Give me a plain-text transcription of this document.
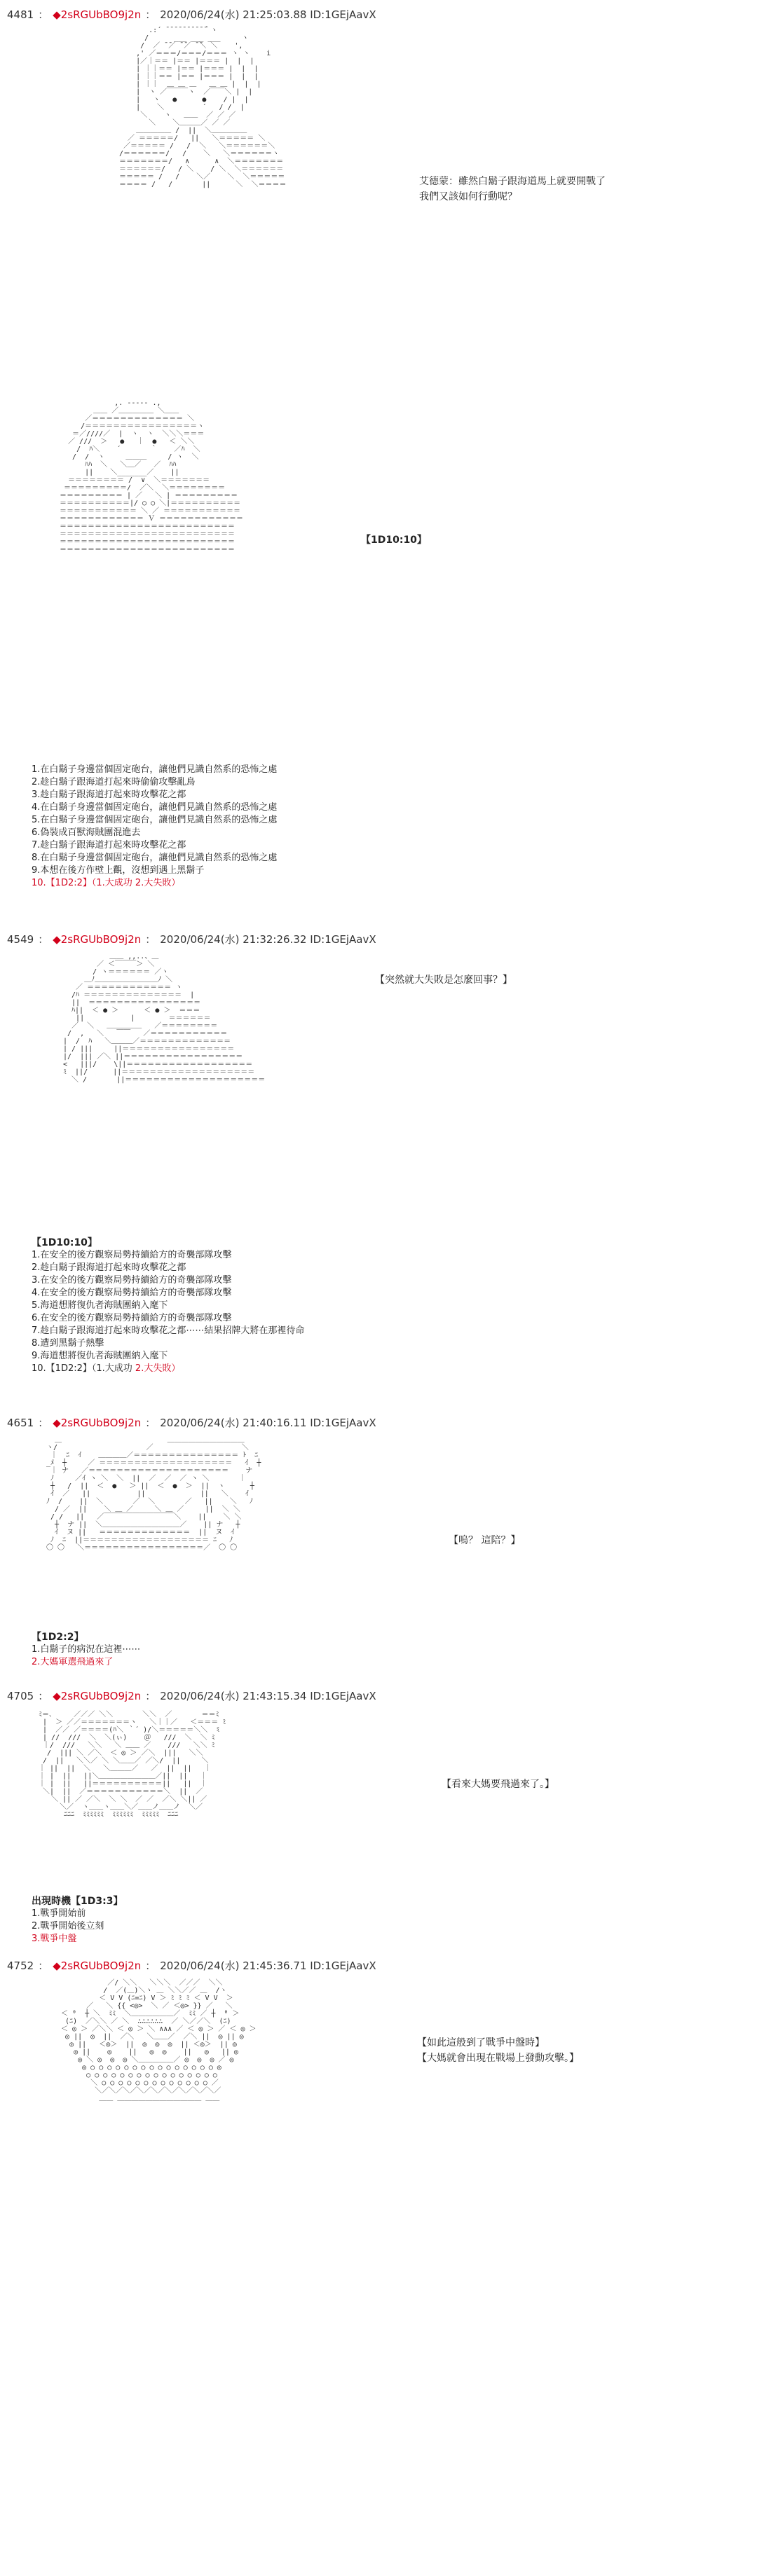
4481 ： ◆2sRGUbBO9j2n ： 2020/06/24(水) 21:25:03.88 ID:1GEjAavX
.:´ ̄ ̄ ̄ ̄ ̄ ̄ ̄ ̄ ̄ ̄｀ヽ
/      ___ ___ ___     ヽ
/  ／ ̄ ̄／ ̄ ̄／ ̄ ̄＼ ＼    ',
,' ／＝＝＝/＝＝＝/＝＝＝ ヽ ヽ    i
|／｜＝＝ |＝＝ |＝＝＝ |  |  |
| ｜｜＝＝ |＝＝ |＝＝＝ |  |  |
| ｜｜＝＝ |＝＝ |＝＝＝ |  |  |
| ｜｜  ＿ ＿ ＿   ＿ ＿ |  |  |
|  ヽ ／￣￣￣ヽ  ／￣￣＼ |  |
|   ヽ   ●      ●    / |  |
|    ＼         ´   / /  |
＼    ヽ   ＿＿  ／ ／ ／
＼    ＼＿＿＿／ ／ ／
＿＿＿＿＿ /  ||  ＼＿＿＿＿＿
／ ＝＝＝＝＝/   ||   ＼＝＝＝＝＝ ＼
／＝＝＝＝＝ /   /  ＼   ＼＝＝＝＝＝＝＼
/＝＝＝＝＝＝/   /    ＼   ＼＝＝＝＝＝＝ヽ
＝＝＝＝＝＝＝/   ∧      ∧  ＼＝＝＝＝＝＝＝
＝＝＝＝＝＝/   / ＼    / ＼  ＼＝＝＝＝＝＝
＝＝＝＝＝ /   /    ＼／    ＼  ＼＝＝＝＝＝
＝＝＝＝ /   /       ||      ＼  ＼＝＝＝＝	艾德蒙：雖然白鬍子跟海道馬上就要開戰了
我們又該如何行動呢？
,. ----- .,
＿＿ ／＿＿＿＿＿ ＼＿＿
／＝＝＝＝＝＝＝＝＝＝＝＝＝ ＼
/＝＝＝＝＝＝＝＝＝＝＝＝＝＝＝＝ヽ
＝／////／  |  ヽ  ヽ  ＼＼＼＝＝＝
／ ///  ＞   ●   ｜  ●   ＜ ＼＼
/  ﾊ＼    ´       ｀    ／ﾊ  ＼
/  /  ヽ     ＿＿＿     / ヽ  ＼
ﾊﾊ  ＼   ＼＿／   ／  ﾊﾊ
||    ＼_______／    ||
＝＝＝＝＝＝＝＝ /  ∨  ＼＝＝＝＝＝＝＝
＝＝＝＝＝＝＝＝＝/  ／＼  ＼＝＝＝＝＝＝＝＝
＝＝＝＝＝＝＝＝＝ | ／   ＼ | ＝＝＝＝＝＝＝＝＝
＝＝＝＝＝＝＝＝＝＝|/ ○ ○ ＼|＝＝＝＝＝＝＝＝＝＝
＝＝＝＝＝＝＝＝＝＝＝ ＼ ／ ＝＝＝＝＝＝＝＝＝＝＝
＝＝＝＝＝＝＝＝＝＝＝＝ Ｖ ＝＝＝＝＝＝＝＝＝＝＝＝
＝＝＝＝＝＝＝＝＝＝＝＝＝＝＝＝＝＝＝＝＝＝＝＝＝
＝＝＝＝＝＝＝＝＝＝＝＝＝＝＝＝＝＝＝＝＝＝＝＝＝
＝＝＝＝＝＝＝＝＝＝＝＝＝＝＝＝＝＝＝＝＝＝＝＝＝
＝＝＝＝＝＝＝＝＝＝＝＝＝＝＝＝＝＝＝＝＝＝＝＝＝
【1D10:10】
1.在白鬍子身邊當個固定砲台，讓他們見識自然系的恐怖之處
2.趁白鬍子跟海道打起來時偷偷攻擊亂鳥
3.趁白鬍子跟海道打起來時攻擊花之都
4.在白鬍子身邊當個固定砲台，讓他們見識自然系的恐怖之處
5.在白鬍子身邊當個固定砲台，讓他們見識自然系的恐怖之處
6.偽裝成百獸海賊團混進去
7.趁白鬍子跟海道打起來時攻擊花之都
8.在白鬍子身邊當個固定砲台，讓他們見識自然系的恐怖之處
9.本想在後方作壁上觀，沒想到遇上黑鬍子
10.【1D2:2】（1.大成功 2.大失敗）
4549 ： ◆2sRGUbBO9j2n ： 2020/06/24(水) 21:32:26.32 ID:1GEjAavX
＿＿ ,,..、＿
／ ＜￣￣￣＞ ＼
/ ヽ＝＝＝＝＝＝ ／ヽ
＿ﾉ＿＿＿＿＿＿＿＿＿ﾉ ＼
／ ＝＝＝＝＝＝＝＝＝＝＝＝ ヽ
/ﾊ ＝＝＝＝＝＝＝＝＝＝＝＝＝＝  |
||  ＝＝＝＝＝＝＝＝＝＝＝＝＝＝＝＝
ﾊ||  ＜ ● ＞      ＜ ● ＞  ＝＝＝
||           |        ＝＝＝＝＝＝
／  ＼   ＿＿＿＿＿   ／＝＝＝＝＝＝＝＝
/  ,   ＼   ￣￣   ／＝＝＝＝＝＝＝＝＝＝＝
|  /  ﾊ   ＼＿＿＿／＝＝＝＝＝＝＝＝＝＝＝＝＝
| / |||     ||＝＝＝＝＝＝＝＝＝＝＝＝＝＝＝＝
|/  ||| ／＼ ||＝＝＝＝＝＝＝＝＝＝＝＝＝＝＝＝＝
<   |||/    \||＝＝＝＝＝＝＝＝＝＝＝＝＝＝＝＝＝＝
ﾐ  ||/      ||＝＝＝＝＝＝＝＝＝＝＝＝＝＝＝＝＝＝＝
＼ /       ||＝＝＝＝＝＝＝＝＝＝＝＝＝＝＝＝＝＝＝＝
【突然就大失敗是怎麼回事？】
【1D10:10】
1.在安全的後方觀察局勢持續給方的奇襲部隊攻擊
2.趁白鬍子跟海道打起來時攻擊花之都
3.在安全的後方觀察局勢持續給方的奇襲部隊攻擊
4.在安全的後方觀察局勢持續給方的奇襲部隊攻擊
5.海道想將復仇者海賊團納入麾下
6.在安全的後方觀察局勢持續給方的奇襲部隊攻擊
7.趁白鬍子跟海道打起來時攻擊花之都⋯⋯結果招牌大將在那裡待命
8.遭到黑鬍子熱擊
9.海道想將復仇者海賊團納入麾下
10.【1D2:2】（1.大成功 2.大失敗）
4651 ： ◆2sRGUbBO9j2n ： 2020/06/24(水) 21:40:16.11 ID:1GEjAavX
＿                         ＿＿＿＿＿＿＿＿＿＿＿
ヽ/                     ／                     ＼
｜  ﾆ  ｲ    ＿＿＿＿／＝＝＝＝＝＝＝＝＝＝＝＝＝＝＝ ﾄ  ﾆ
_ﾒ  ┼     ／ ＝＝＝＝＝＝＝＝＝＝＝＝＝＝＝＝＝＝＝   ｲ  ┼
｜ ナ   ／＝＝＝＝＝＝＝＝＝＝＝＝＝＝＝＝＝＝＝＝    ナ
ﾉ     ／ｲ ヽ ＼  ＼  ||  ／  ／  ／ ヽ ＼       ｜
┼   /  ||  ＜  ●   ＞ ||  ＜  ●  ＞  ||  ヽ      ┼
ｲ  ／   ||           ||             ||   ＼    ｲ
ﾉ  /    ||  ＼       ／  ＼       ／   ||    ＼   ﾉ
/ ／  ||    ＼ ＿ ／     ＼ ＿ ／     ||  ＼ ＼
/ /   ||   ／￣￣￣￣￣￣￣￣￣￣＼    ||    ＼ ＼
┼  ナ ||  ＼＿＿＿＿＿＿＿＿＿＿＿／    || ナ   ┼
ｲ  ヌ ||   ＝＝＝＝＝＝＝＝＝＝＝＝＝  ||  ヌ  ｲ
ﾉ  ﾆ  ||＝＝＝＝＝＝＝＝＝＝＝＝＝＝＝＝＝＝ ﾆ   ﾉ
〇 〇   ＼＝＝＝＝＝＝＝＝＝＝＝＝＝＝＝＝＝／  〇 〇
【嗚？ 這陪？】
【1D2:2】
1.白鬍子的病況在這裡⋯⋯
2.大媽軍選飛過來了
4705 ： ◆2sRGUbBO9j2n ： 2020/06/24(水) 21:43:15.34 ID:1GEjAavX
ﾐ＝､     ／／／ ＼＼       ＼＼  ／       ＝＝ﾐ
|  ＞ ／／＝＝＝＝＝＝＝ヽ   ＼｜｜／   ＜＝＝＝ ﾐ
|  ／／ ／＝＝＝＝(ﾊ＼ ｀´ )/＼＝＝＝＝＝＼＼  ﾐ
| //  ///  ＼  ＼(ぃ)    ＠   ///  ＼  ＼ ﾐ
｜/  ///   ＼＼   ＼ ＿＿ ／    ///   ＼＼ ﾐ
/  ||| ＼ ／＼  ＜ ◎ ＞ ／＼  |||   ＼＼
/  ||   ＼＼／ ＼ ＼＿＿／ ／＼/  ||     ＼
｜ ||  ||  ＼   ＼＿＿＿／   ／  ||  ||   ｜
｜ |  ||   ||＼＿＿＿＿＿＿＿＿／||  ||   ｜
｜ |  ||   ||＝＝＝＝＝＝＝＝＝＝||   ||  ｜
＼|  ||  ／＝＝＝＝＝＝＝＝＝＝＝＼  ||  ／
＼ || ／ ／＼  ＼ ＼  ／ ／  ／＼ ＼|| ／
＼／  ヽ＿＿ヽ＿＿＼／＿＿ノ＿＿ノ  ＼／
ﾆﾆﾆ  ﾐﾐﾐﾐﾐﾐ  ﾐﾐﾐﾐﾐﾐ  ﾐﾐﾐﾐﾐ  ﾆﾆﾆ
【看來大媽要飛過來了。】
出現時機【1D3:3】
1.戰爭開始前
2.戰爭開始後立刻
3.戰爭中盤
4752 ： ◆2sRGUbBO9j2n ： 2020/06/24(水) 21:45:36.71 ID:1GEjAavX
／/ ＼＼   ＼＼＼  ／／／  ＼＼
/  ／(＿)＼ヽ ＿ ＼＼／／ ＿  /ヽ
＜ V V (ﾆ=ﾆ) V ＞ ﾐ ﾐ ﾐ ＜ V V  ＞
／   ＼ {{ <◎>  ＼ ／ ＜◎> }} ／   ＼
＜ ⁰  ┼ ＼  ﾐﾐ  ＼＿＿＿＿＿＿／  ﾐﾐ ／ ┼  ⁰ ＞
(ﾆ)  ／＼＼ ／ ＼  ∴∴∴∴∴∴  ／ ＼／／＼  (ﾆ)
＜ ◎ ＞ ／＼＼ ＜ ◎ ＞ ＼ ∧∧∧ ／ ＜ ◎ ＞ ／ ＜ ◎ ＞
◎ ||  ◎  ||  ／＼   ＼＿＿／  ／＼ ||  ◎ || ◎
◎ ||   ＜◎＞  ||  ◎  ◎  ◎  || ＜◎＞  || ◎
◎ ||    ◎    ||   ◎  ◎    ||   ◎   || ◎
◎ ＼ ◎  ◎  ◎ ＼＿＿＿＿＿／ ◎  ◎  ◎ ／ ◎
◎ ○ ○ ○ ○ ○ ○ ○ ○ ○ ○ ○ ○ ○ ○ ○ ◎
○ ○ ○ ○ ○ ○ ○ ○ ○ ○ ○ ○ ○ ○ ○ ○
＼ ○ ○ ○ ○ ○ ○ ○ ○ ○ ○ ○ ○ ○ ／
＼／＼／＼／＼／＼／＼／＼／＼／＼／
＿＿ ＿＿＿＿＿＿＿＿＿＿＿＿ ＿＿
【如此這般到了戰爭中盤時】
【大媽就會出現在戰場上發動攻擊。】
